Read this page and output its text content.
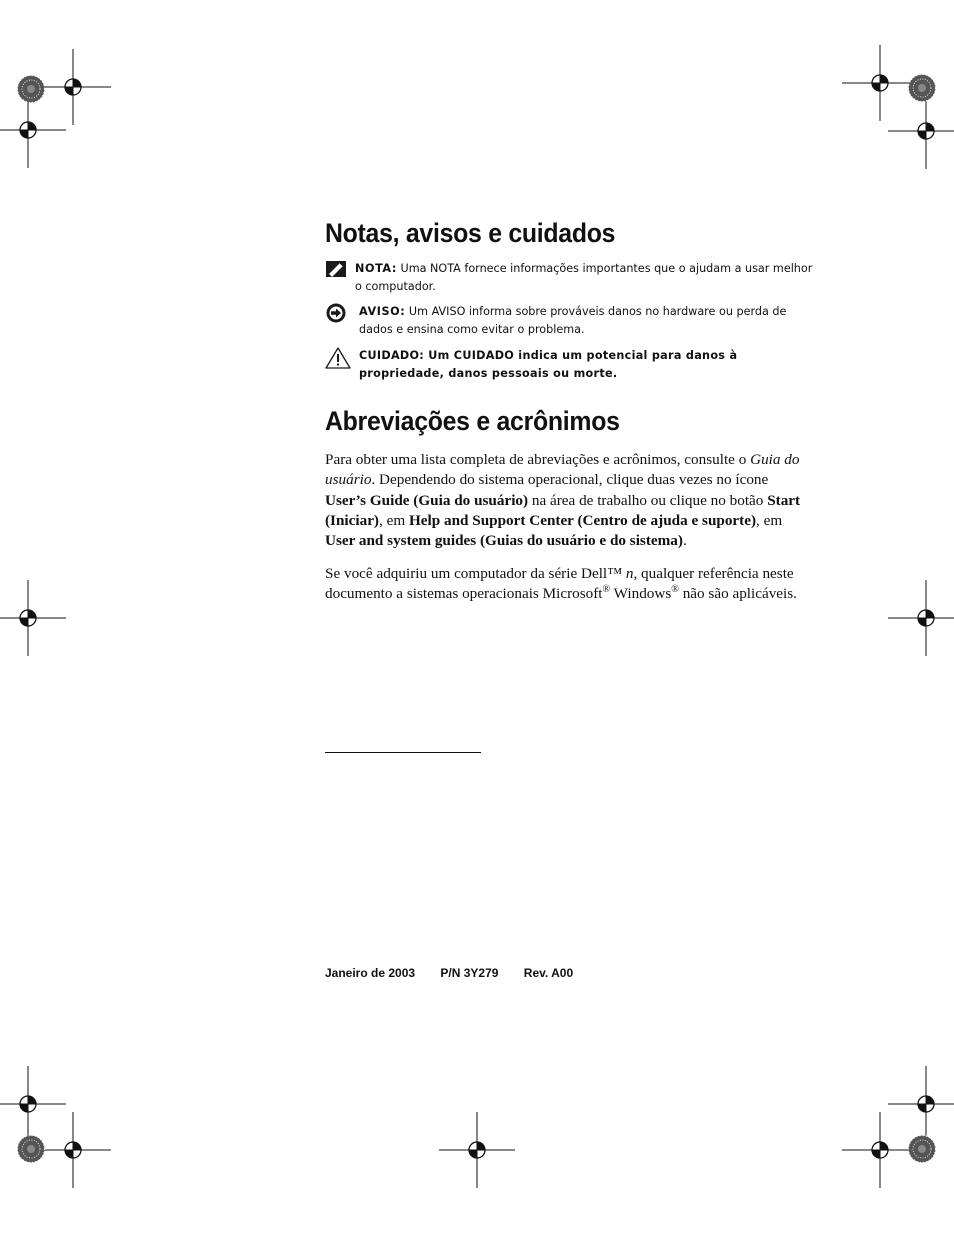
Notas, avisos e cuidados
NOTA: Uma NOTA fornece informações importantes que o ajudam a usar melhor o computador.
AVISO: Um AVISO informa sobre prováveis danos no hardware ou perda de dados e ensina como evitar o problema.
CUIDADO: Um CUIDADO indica um potencial para danos à propriedade, danos pessoais ou morte.
Abreviações e acrônimos

Para obter uma lista completa de abreviações e acrônimos, consulte o Guia do usuário. Dependendo do sistema operacional, clique duas vezes no ícone User’s Guide (Guia do usuário) na área de trabalho ou clique no botão Start (Iniciar), em Help and Support Center (Centro de ajuda e suporte), em User and system guides (Guias do usuário e do sistema).

Se você adquiriu um computador da série Dell™ n, qualquer referência neste documento a sistemas operacionais Microsoft® Windows® não são aplicáveis.

Janeiro de 2003 P/N 3Y279 Rev. A00
